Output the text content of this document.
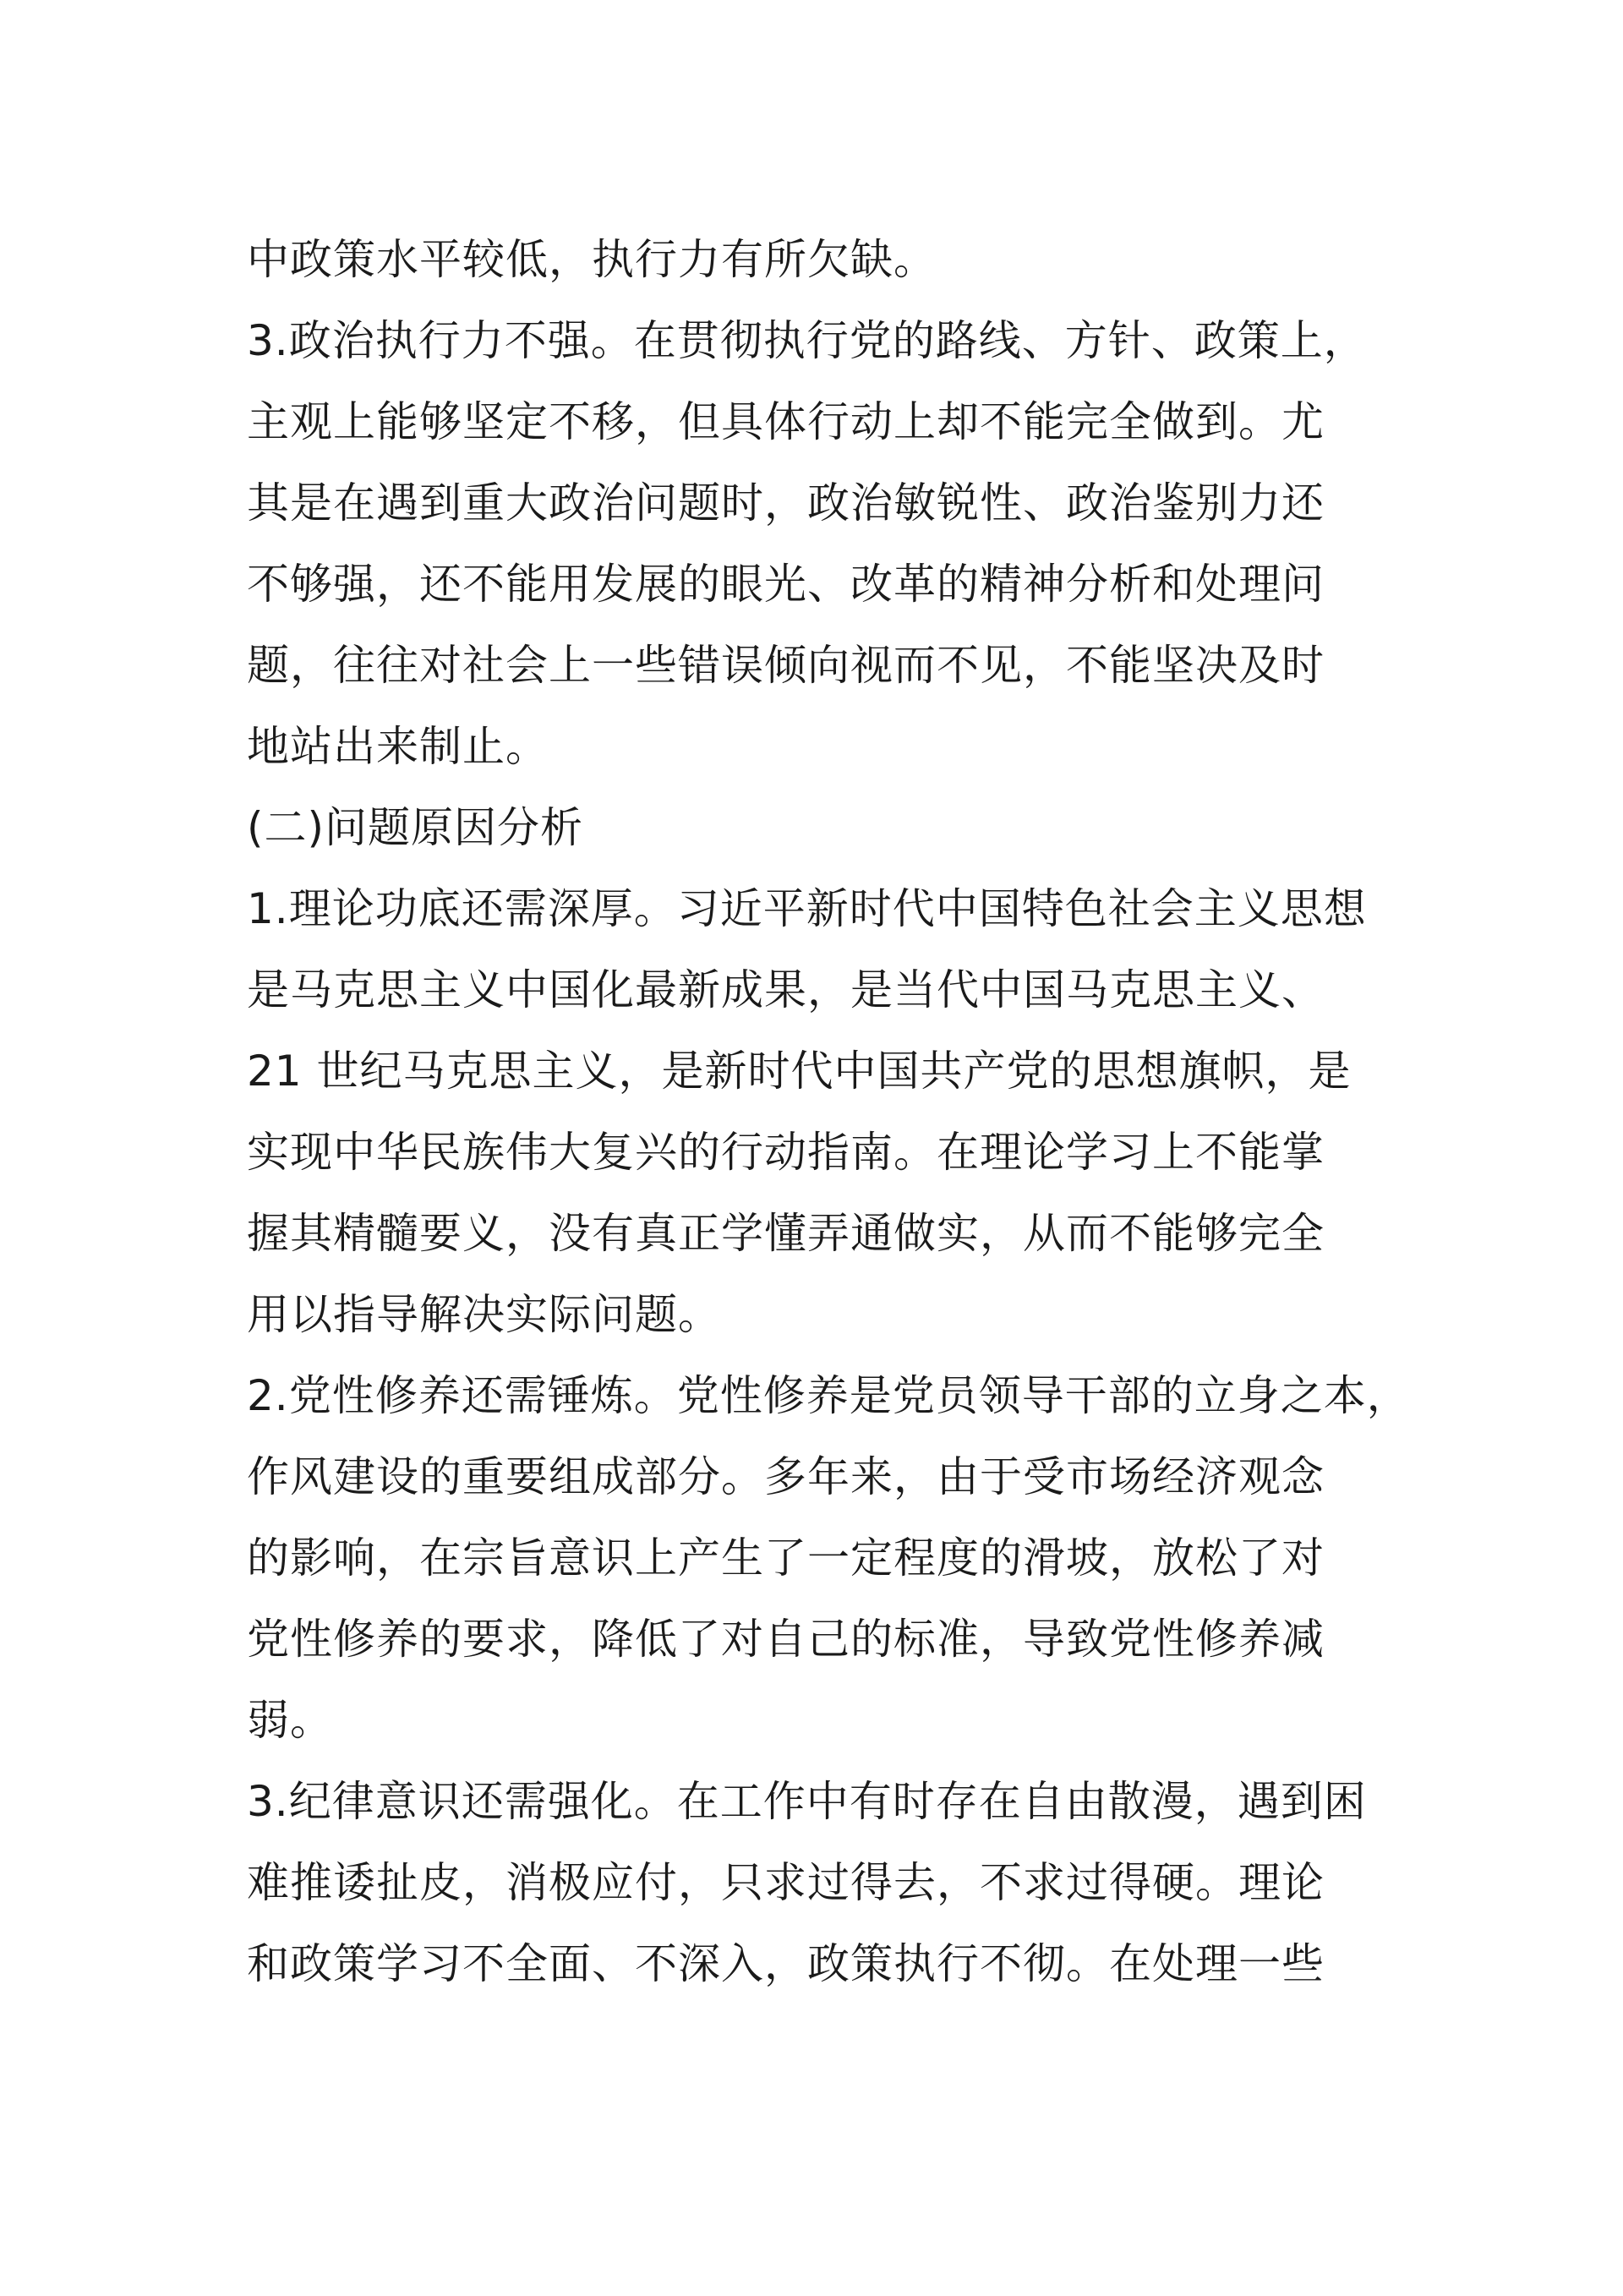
中政策水平较低，执行力有所欠缺。
3.政治执行力不强。在贯彻执行党的路线、方针、政策上，
主观上能够坚定不移，但具体行动上却不能完全做到。尤
其是在遇到重大政治问题时，政治敏锐性、政治鉴别力还
不够强，还不能用发展的眼光、改革的精神分析和处理问
题，往往对社会上一些错误倾向视而不见，不能坚决及时
地站出来制止。
(二)问题原因分析
1.理论功底还需深厚。习近平新时代中国特色社会主义思想
是马克思主义中国化最新成果，是当代中国马克思主义、
21 世纪马克思主义，是新时代中国共产党的思想旗帜，是
实现中华民族伟大复兴的行动指南。在理论学习上不能掌
握其精髓要义，没有真正学懂弄通做实，从而不能够完全
用以指导解决实际问题。
2.党性修养还需锤炼。党性修养是党员领导干部的立身之本，
作风建设的重要组成部分。多年来，由于受市场经济观念
的影响，在宗旨意识上产生了一定程度的滑坡，放松了对
党性修养的要求，降低了对自己的标准，导致党性修养减
弱。
3.纪律意识还需强化。在工作中有时存在自由散漫，遇到困
难推诿扯皮，消极应付，只求过得去，不求过得硬。理论
和政策学习不全面、不深入，政策执行不彻。在处理一些
